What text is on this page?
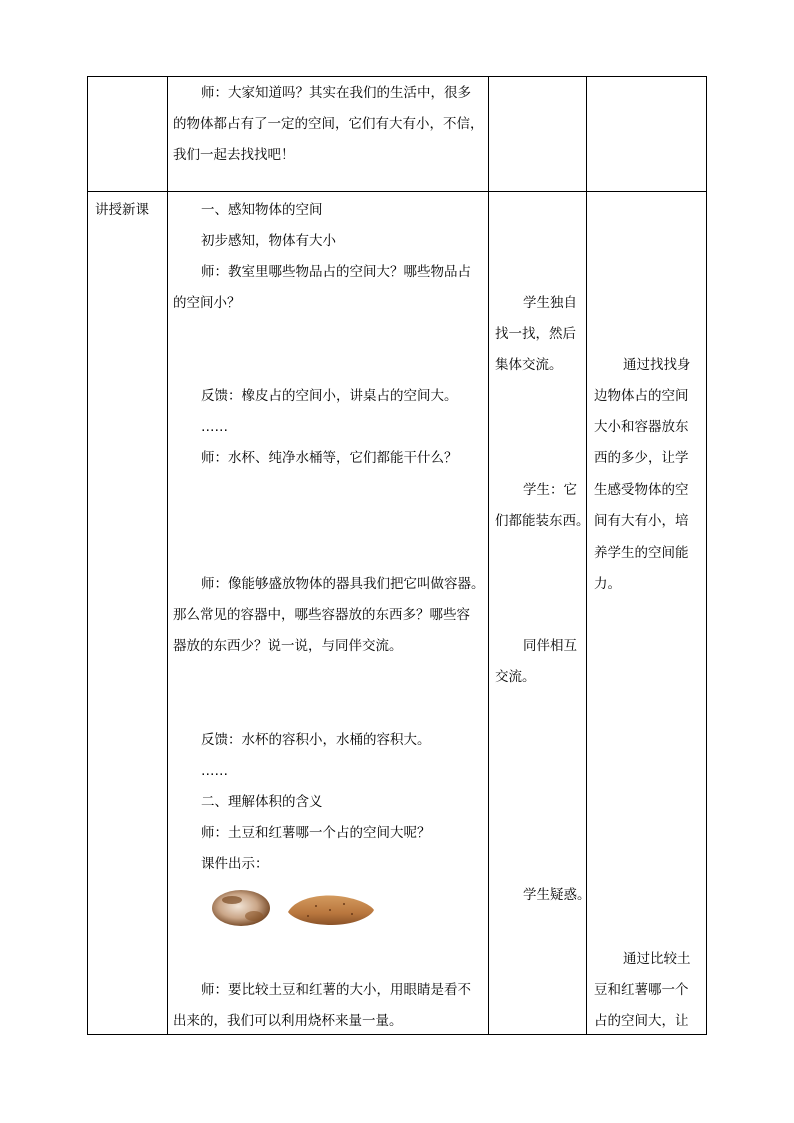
师：大家知道吗？其实在我们的生活中，很多
的物体都占有了一定的空间，它们有大有小，不信，
我们一起去找找吧！
讲授新课	一、感知物体的空间
初步感知，物体有大小
师：教室里哪些物品占的空间大？哪些物品占
的空间小？
反馈：橡皮占的空间小，讲桌占的空间大。
……
师：水杯、纯净水桶等，它们都能干什么？
师：像能够盛放物体的器具我们把它叫做容器。
那么常见的容器中，哪些容器放的东西多？哪些容
器放的东西少？说一说，与同伴交流。
反馈：水杯的容积小，水桶的容积大。
……
二、理解体积的含义
师：土豆和红薯哪一个占的空间大呢？
课件出示：
师：要比较土豆和红薯的大小，用眼睛是看不
出来的，我们可以利用烧杯来量一量。
学生独自
找一找，然后
集体交流。
学生：它
们都能装东西。
同伴相互
交流。
学生疑惑。
通过找找身
边物体占的空间
大小和容器放东
西的多少，让学
生感受物体的空
间有大有小，培
养学生的空间能
力。
通过比较土
豆和红薯哪一个
占的空间大，让
